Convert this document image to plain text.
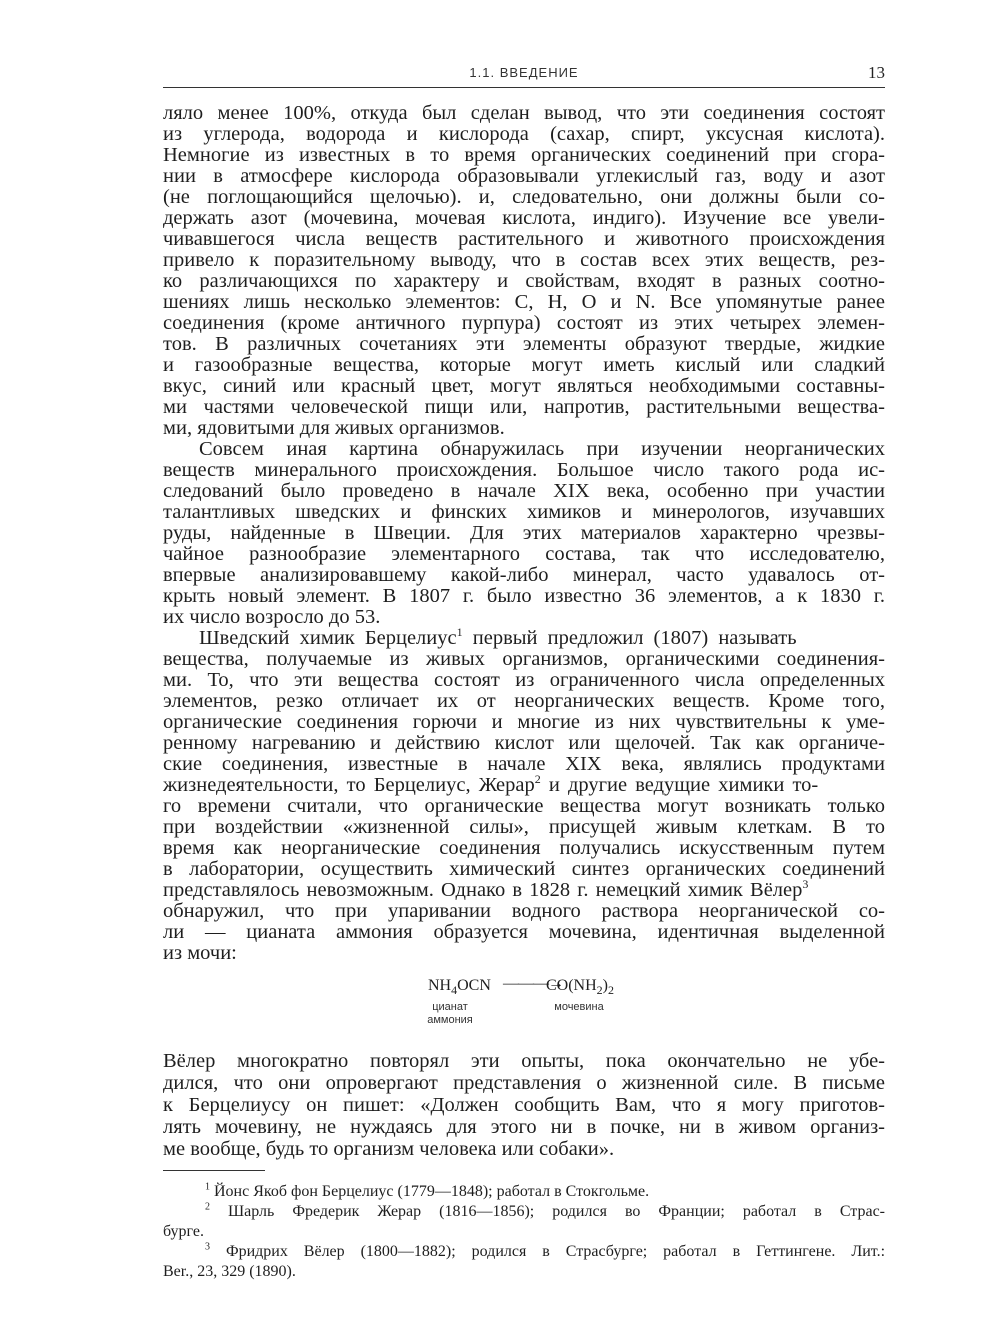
1.1. ВВЕДЕНИЕ	13
ляло менее 100%, откуда был сделан вывод, что эти соединения состоят
из углерода, водорода и кислорода (сахар, спирт, уксусная кислота).
Немногие из известных в то время органических соединений при сгора-
нии в атмосфере кислорода образовывали углекислый газ, воду и азот
(не поглощающийся щелочью). и, следовательно, они должны были со-
держать азот (мочевина, мочевая кислота, индиго). Изучение все увели-
чивавшегося числа веществ растительного и животного происхождения
привело к поразительному выводу, что в состав всех этих веществ, рез-
ко различающихся по характеру и свойствам, входят в разных соотно-
шениях лишь несколько элементов: С, Н, О и N. Все упомянутые ранее
соединения (кроме античного пурпура) состоят из этих четырех элемен-
тов. В различных сочетаниях эти элементы образуют твердые, жидкие
и газообразные вещества, которые могут иметь кислый или сладкий
вкус, синий или красный цвет, могут являться необходимыми составны-
ми частями человеческой пищи или, напротив, растительными вещества-
ми, ядовитыми для живых организмов.
Совсем иная картина обнаружилась при изучении неорганических
веществ минерального происхождения. Большое число такого рода ис-
следований было проведено в начале XIX века, особенно при участии
талантливых шведских и финских химиков и минерологов, изучавших
руды, найденные в Швеции. Для этих материалов характерно чрезвы-
чайное разнообразие элементарного состава, так что исследователю,
впервые анализировавшему какой-либо минерал, часто удавалось от-
крыть новый элемент. В 1807 г. было известно 36 элементов, а к 1830 г.
их число возросло до 53.
Шведский химик Берцелиус$^1$ первый предложил (1807) называть
вещества, получаемые из живых организмов, органическими соединения-
ми. То, что эти вещества состоят из ограниченного числа определенных
элементов, резко отличает их от неорганических веществ. Кроме того,
органические соединения горючи и многие из них чувствительны к уме-
ренному нагреванию и действию кислот или щелочей. Так как органиче-
ские соединения, известные в начале XIX века, являлись продуктами
жизнедеятельности, то Берцелиус, Жерар$^2$ и другие ведущие химики то-
го времени считали, что органические вещества могут возникать только
при воздействии «жизненной силы», присущей живым клеткам. В то
время как неорганические соединения получались искусственным путем
в лаборатории, осуществить химический синтез органических соединений
представлялось невозможным. Однако в 1828 г. немецкий химик Вёлер$^3$
обнаружил, что при упаривании водного раствора неорганической со-
ли — цианата аммония образуется мочевина, идентичная выделенной
из мочи:
$NH_4OCN$ ———→
$CO(NH_2)_2$
цианат
аммония
мочевина
Вёлер многократно повторял эти опыты, пока окончательно не убе-
дился, что они опровергают представления о жизненной силе. В письме
к Берцелиусу он пишет: «Должен сообщить Вам, что я могу приготов-
лять мочевину, не нуждаясь для этого ни в почке, ни в живом организ-
ме вообще, будь то организм человека или собаки».
$^1$ Йонс Якоб фон Берцелиус (1779—1848); работал в Стокгольме.
$^2$ Шарль Фредерик Жерар (1816—1856); родился во Франции; работал в Страс-
бурге.
$^3$ Фридрих Вёлер (1800—1882); родился в Страсбурге; работал в Геттингене. Лит.:
Ber., 23, 329 (1890).
